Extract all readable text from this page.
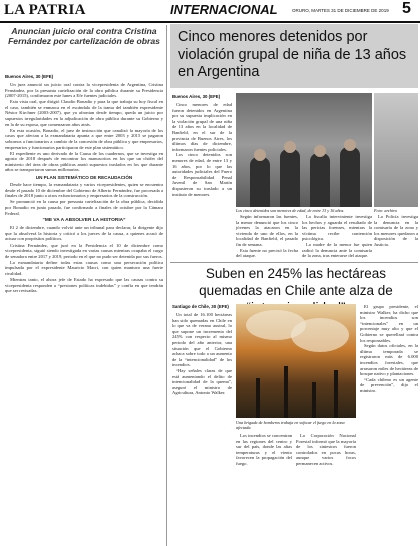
LA PATRIA	INTERNACIONAL	ORURO, MARTES 31 DE DICIEMBRE DE 2019 5
Anuncian juicio oral contra Cristina Fernández por cartelización de obras
Buenos Aires, 30 (EFE)

Un juez anunció un juicio oral contra la vicepresidenta de Argentina, Cristina Fernández, por la presunta cartelización de la obra pública durante su Presidencia (2007-2015), confirmaron este lunes a Efe fuentes judiciales.

Esta vista oral, que dirigió Claudio Bonadio y para la que trabaja su hoy fiscal en el caso, también se enmarca en el escándalo de la trama del también expresidente Néstor Kirchner (2003-2007), que ya afrontan desde tiempo, queda un juicio por supuestos irregularidades en la adjudicación de obra pública durante su Gobierno y en la de su esposa, que comenzaron años atrás.

En esta ocasión, Bonadio, el juez de instrucción que canalizó la mayoría de los casos que afectan a la exmandataria apunta a que entre 2003 y 2015 se pagaron sobornos a funcionarios a cambio de la concesión de obra pública y que empresarios, empresarios y funcionarios participaron de este plan sistemático.

El expediente es uno derivado de la Causa de los cuadernos, que se investiga en agosto de 2018 después de encontrar los manuscritos en los que un chófer del ministerio del área de obras públicas anotó supuestos traslados en los que durante años se transportaron sumas millonarias.

UN PLAN SISTEMÁTICO DE RECAUDACIÓN

Desde hace tiempo, la exmandataria y varios vicepresidentes, quien se encuentra desde el pasado 10 de diciembre del Gobierno de Alberto Fernández, fue procesada a finales de 2018 junto a otros exfuncionarios y empresarios de la construcción.

Se pronunció en la causa por presunta cartelización de la obra pública, decidida por Bonadio en junio pasado, fue confirmado a finales de octubre por la Cámara Federal.

“ME VA A ABSOLVER LA HISTORIA”

El 2 de diciembre, cuando volvió ante un tribunal para declarar, la dirigente dijo que la absolverá la historia y criticó a los jueces de la causa, a quienes acusó de actuar con propósitos políticos.

Cristina Fernández, que juró en la Presidencia el 10 de diciembre como vicepresidenta, siguió siendo investigada en varias causas mientras ocupaba el cargo de senadora entre 2017 y 2019, periodo en el que no pudo ser detenida por sus fueros.

La exmandataria define todas estas causas como una persecución política impulsada por el expresidente Mauricio Macri, con quien mantuvo una fuerte rivalidad.

Mientras tanto, el ahora jefe de Estado ha expresado que las causas contra su vicepresidenta responden a “presiones políticas indebidas” y confía en que tendrán que ser revisadas.

Cinco menores detenidos por violación grupal de niña de 13 años en Argentina
Buenos Aires, 30 (EFE)

Cinco menores de edad fueron detenidos en Argentina por su supuesta implicación en la violación grupal de una niña de 13 años en la localidad de Banfield, en el sur de la provincia de Buenos Aires, los últimos días de diciembre, informaron fuentes policiales.

Los cinco detenidos son menores de edad, de entre 13 y 16 años, por lo que las autoridades judiciales del Fuero de Responsabilidad Penal Juvenil de San Martín dispusieron su traslado a un instituto de menores.

Los cinco detenidos son menores de edad, de entre 13 y 16 años.	Foto: archivo

Según informaron las fuentes, la menor denunció que los cinco jóvenes la atacaron en la vivienda de uno de ellos, en la localidad de Banfield, el pasado fin de semana.

Esta fuente no precisó la fecha del ataque.

La fiscalía interviniente investiga los hechos y aguarda el resultado de las pericias forenses, mientras la víctima recibe contención psicológica.

La madre de la menor fue quien radicó la denuncia ante la comisaría de la zona, tras enterarse del ataque.

La Policía investiga la denuncia en la comisaría de la zona y los menores quedaron a disposición de la Justicia.

Suben en 245% las hectáreas quemadas en Chile ante alza de
Santiago de Chile, 30 (EFE)

Un total de 16.100 hectáreas han sido quemadas en Chile en lo que va de verano austral, lo que supone un incremento del 245% con respecto al mismo periodo del año anterior, una situación que el Gobierno achaca sobre todo a un aumento de la “intencionalidad” de los incendios.

“Hay señales claras de que está aumentando el delito de intencionalidad de la quema”, aseguró el ministro de Agricultura, Antonio Walker.

Una brigada de bomberos trabaja en sofocar el fuego en la zona afectada.

Los incendios se concentran en las regiones del centro y sur del país, donde las altas temperaturas y el viento favorecen la propagación del fuego.

La Corporación Nacional Forestal informó que la mayoría de los siniestros fueron controlados en pocas horas, aunque varios focos permanecen activos.

El grupo presidente, el ministro Walker, ha dicho que los incendios son “intencionales” en un porcentaje muy alto y que el Gobierno se querellará contra los responsables.

Según datos oficiales, en la última temporada se registraron más de 6.000 incendios forestales, que arrasaron miles de hectáreas de bosque nativo y plantaciones.

“Cada chileno es un agente de prevención”, dijo el ministro.
